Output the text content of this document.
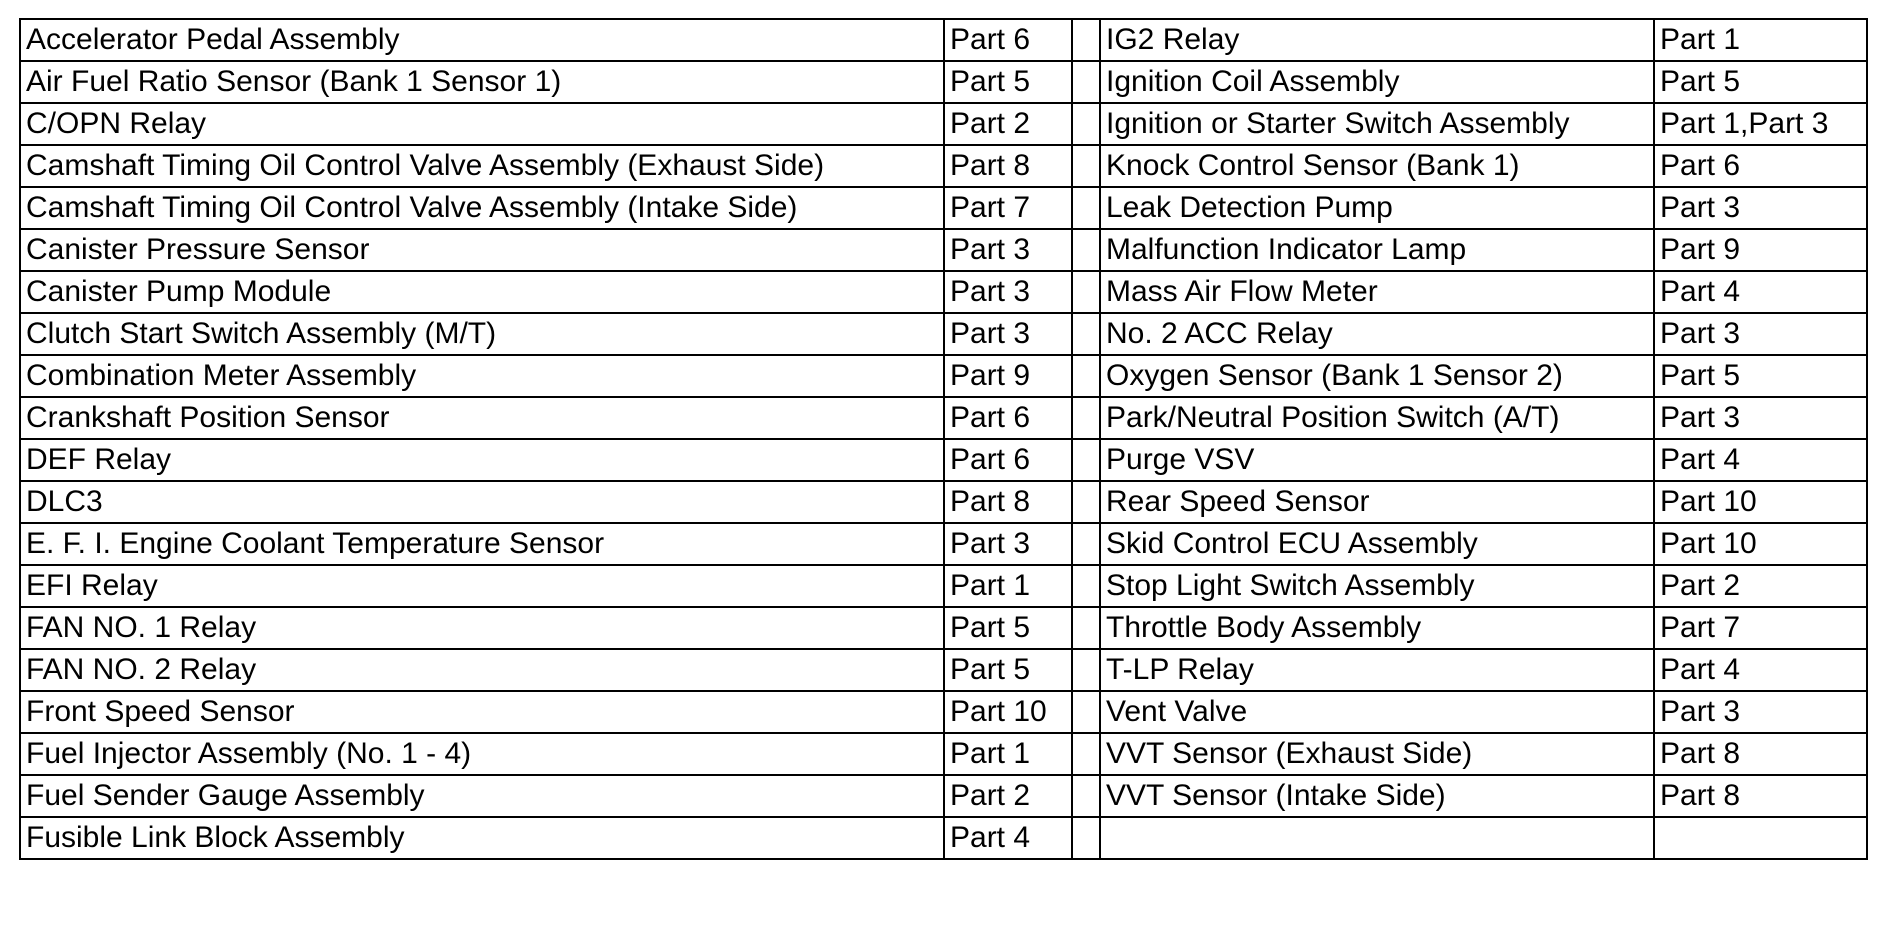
Accelerator Pedal Assembly	Part 6		IG2 Relay	Part 1
Air Fuel Ratio Sensor (Bank 1 Sensor 1)	Part 5		Ignition Coil Assembly	Part 5
C/OPN Relay	Part 2		Ignition or Starter Switch Assembly	Part 1,Part 3
Camshaft Timing Oil Control Valve Assembly (Exhaust Side)	Part 8		Knock Control Sensor (Bank 1)	Part 6
Camshaft Timing Oil Control Valve Assembly (Intake Side)	Part 7		Leak Detection Pump	Part 3
Canister Pressure Sensor	Part 3		Malfunction Indicator Lamp	Part 9
Canister Pump Module	Part 3		Mass Air Flow Meter	Part 4
Clutch Start Switch Assembly (M/T)	Part 3		No. 2 ACC Relay	Part 3
Combination Meter Assembly	Part 9		Oxygen Sensor (Bank 1 Sensor 2)	Part 5
Crankshaft Position Sensor	Part 6		Park/Neutral Position Switch (A/T)	Part 3
DEF Relay	Part 6		Purge VSV	Part 4
DLC3	Part 8		Rear Speed Sensor	Part 10
E. F. I. Engine Coolant Temperature Sensor	Part 3		Skid Control ECU Assembly	Part 10
EFI Relay	Part 1		Stop Light Switch Assembly	Part 2
FAN NO. 1 Relay	Part 5		Throttle Body Assembly	Part 7
FAN NO. 2 Relay	Part 5		T-LP Relay	Part 4
Front Speed Sensor	Part 10		Vent Valve	Part 3
Fuel Injector Assembly (No. 1 - 4)	Part 1		VVT Sensor (Exhaust Side)	Part 8
Fuel Sender Gauge Assembly	Part 2		VVT Sensor (Intake Side)	Part 8
Fusible Link Block Assembly	Part 4			
